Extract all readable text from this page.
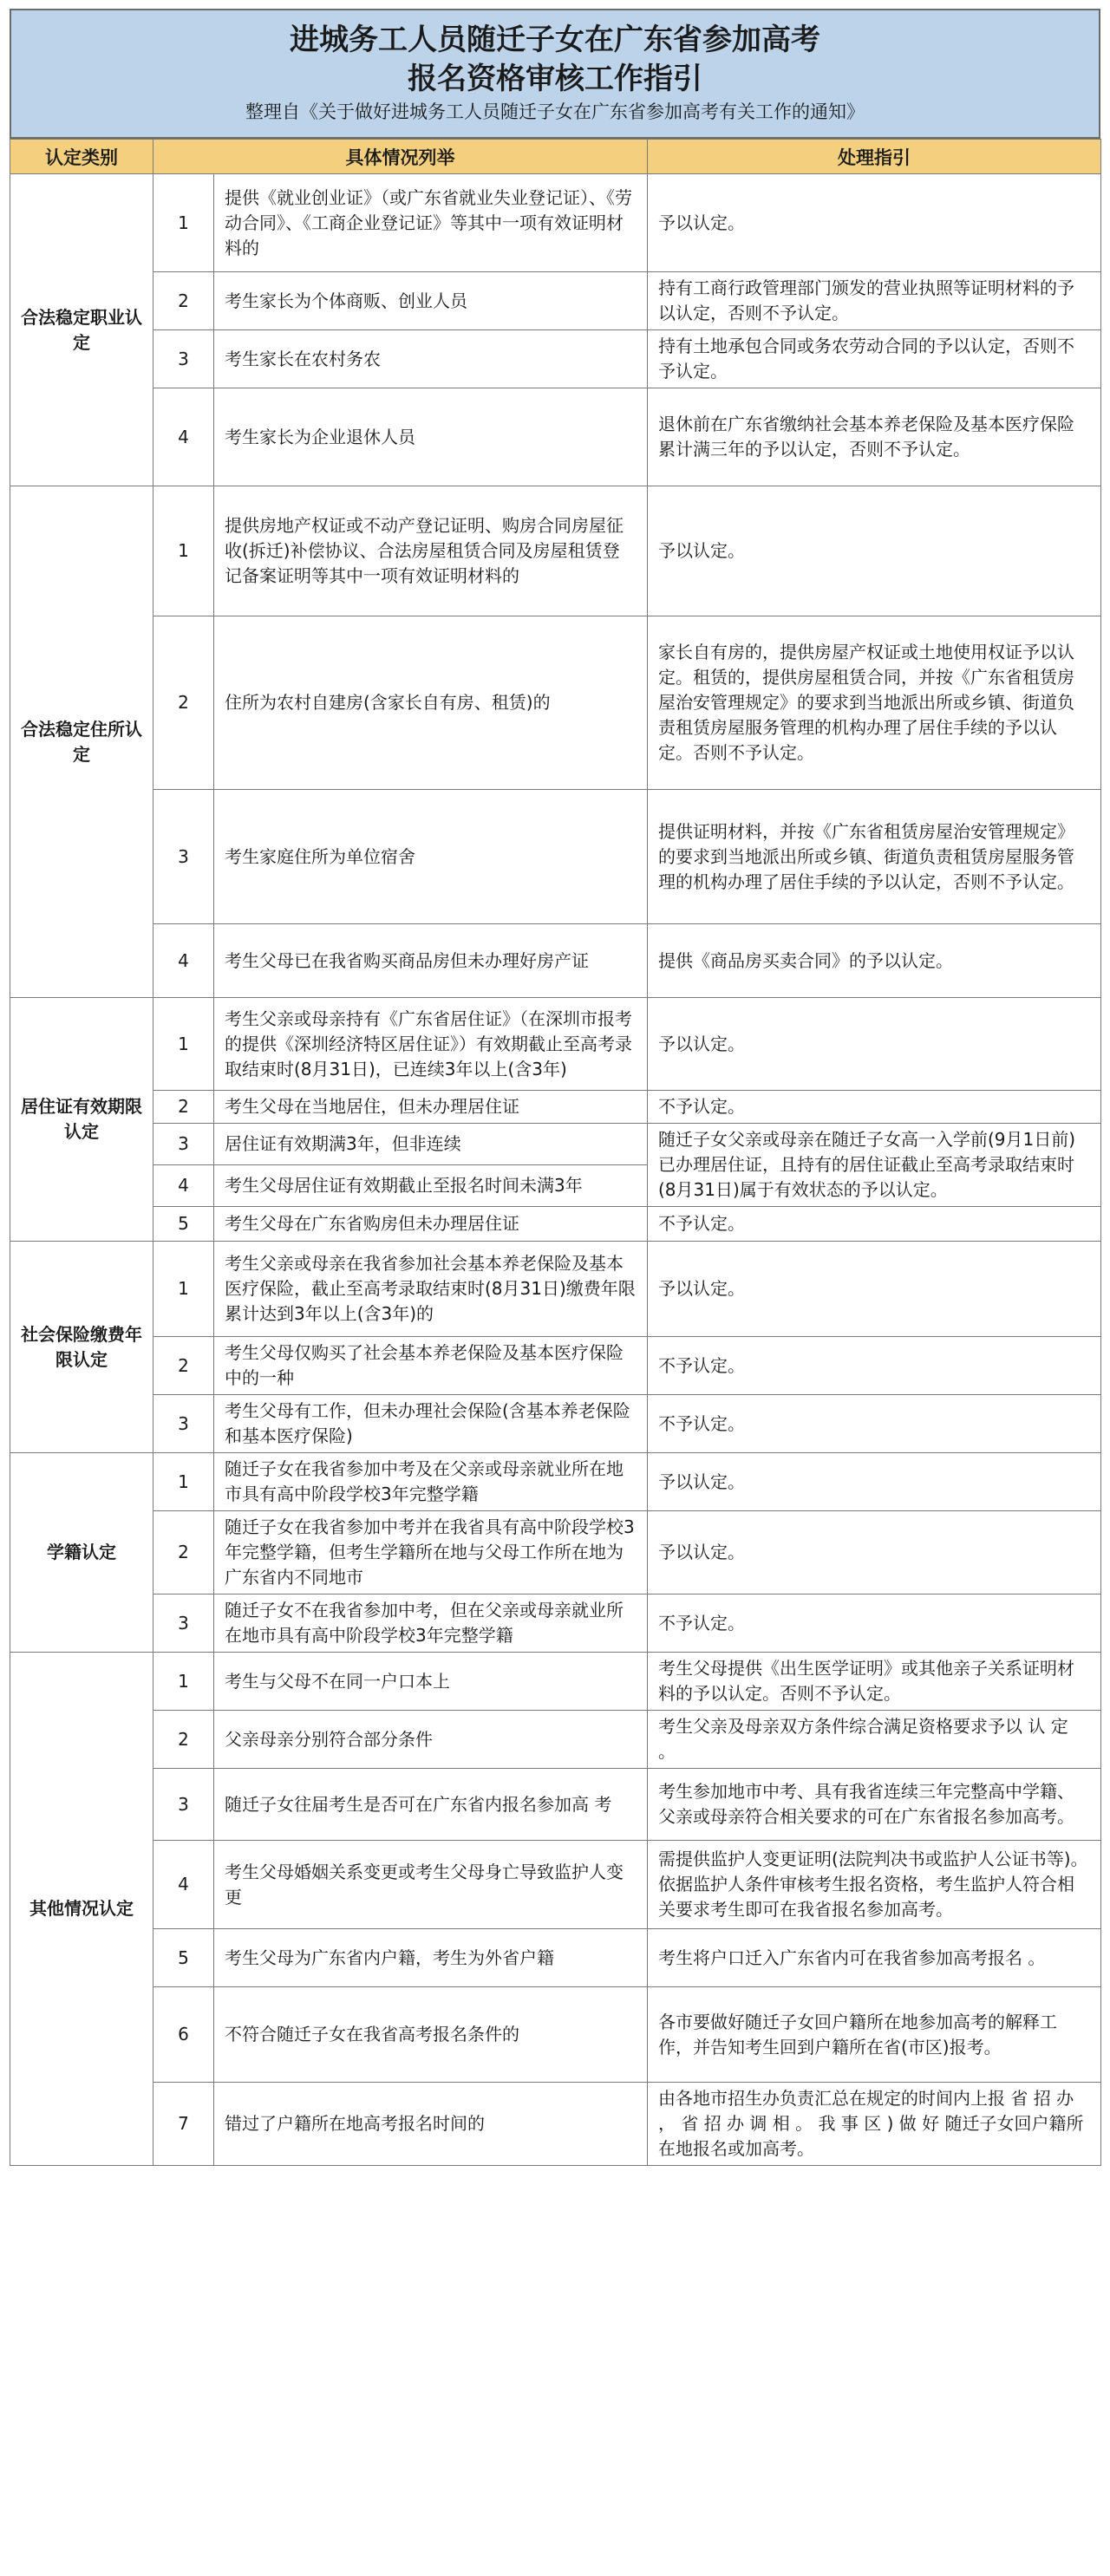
进城务工人员随迁子女在广东省参加高考
报名资格审核工作指引
整理自《关于做好进城务工人员随迁子女在广东省参加高考有关工作的通知》
认定类别	具体情况列举		处理指引
合法稳定职业认定	1	提供《就业创业证》（或广东省就业失业登记证）、《劳动合同》、《工商企业登记证》等其中一项有效证明材料的	予以认定。
	2	考生家长为个体商贩、创业人员	持有工商行政管理部门颁发的营业执照等证明材料的予以认定，否则不予认定。
	3	考生家长在农村务农	持有土地承包合同或务农劳动合同的予以认定，否则不予认定。
	4	考生家长为企业退休人员	退休前在广东省缴纳社会基本养老保险及基本医疗保险累计满三年的予以认定，否则不予认定。
合法稳定住所认定	1	提供房地产权证或不动产登记证明、购房合同房屋征收(拆迁)补偿协议、合法房屋租赁合同及房屋租赁登记备案证明等其中一项有效证明材料的	予以认定。
	2	住所为农村自建房(含家长自有房、租赁)的	家长自有房的，提供房屋产权证或土地使用权证予以认定。租赁的，提供房屋租赁合同，并按《广东省租赁房屋治安管理规定》的要求到当地派出所或乡镇、街道负责租赁房屋服务管理的机构办理了居住手续的予以认定。否则不予认定。
	3	考生家庭住所为单位宿舍	提供证明材料，并按《广东省租赁房屋治安管理规定》的要求到当地派出所或乡镇、街道负责租赁房屋服务管理的机构办理了居住手续的予以认定，否则不予认定。
	4	考生父母已在我省购买商品房但未办理好房产证	提供《商品房买卖合同》的予以认定。
居住证有效期限认定	1	考生父亲或母亲持有《广东省居住证》（在深圳市报考的提供《深圳经济特区居住证》）有效期截止至高考录取结束时(8月31日)，已连续3年以上(含3年)	予以认定。
	2	考生父母在当地居住，但未办理居住证	不予认定。
	3	居住证有效期满3年，但非连续	随迁子女父亲或母亲在随迁子女高一入学前(9月1日前)已办理居住证，且持有的居住证截止至高考录取结束时(8月31日)属于有效状态的予以认定。
	4	考生父母居住证有效期截止至报名时间未满3年	
	5	考生父母在广东省购房但未办理居住证	不予认定。
社会保险缴费年限认定	1	考生父亲或母亲在我省参加社会基本养老保险及基本医疗保险，截止至高考录取结束时(8月31日)缴费年限累计达到3年以上(含3年)的	予以认定。
	2	考生父母仅购买了社会基本养老保险及基本医疗保险中的一种	不予认定。
	3	考生父母有工作，但未办理社会保险(含基本养老保险和基本医疗保险)	不予认定。
学籍认定	1	随迁子女在我省参加中考及在父亲或母亲就业所在地市具有高中阶段学校3年完整学籍	予以认定。
	2	随迁子女在我省参加中考并在我省具有高中阶段学校3年完整学籍，但考生学籍所在地与父母工作所在地为广东省内不同地市	予以认定。
	3	随迁子女不在我省参加中考，但在父亲或母亲就业所在地市具有高中阶段学校3年完整学籍	不予认定。
其他情况认定	1	考生与父母不在同一户口本上	考生父母提供《出生医学证明》或其他亲子关系证明材料的予以认定。否则不予认定。
	2	父亲母亲分别符合部分条件	考生父亲及母亲双方条件综合满足资格要求予以 认 定 。
	3	随迁子女往届考生是否可在广东省内报名参加高 考	考生参加地市中考、具有我省连续三年完整高中学籍、父亲或母亲符合相关要求的可在广东省报名参加高考。
	4	考生父母婚姻关系变更或考生父母身亡导致监护人变更	需提供监护人变更证明(法院判决书或监护人公证书等)。依据监护人条件审核考生报名资格，考生监护人符合相关要求考生即可在我省报名参加高考。
	5	考生父母为广东省内户籍，考生为外省户籍	考生将户口迁入广东省内可在我省参加高考报名 。
	6	不符合随迁子女在我省高考报名条件的	各市要做好随迁子女回户籍所在地参加高考的解释工作，并告知考生回到户籍所在省(市区)报考。
	7	错过了户籍所在地高考报名时间的	由各地市招生办负责汇总在规定的时间内上报 省 招 办 ， 省 招 办 调 相 。 我 事 区 ) 做 好 随迁子女回户籍所在地报名或加高考。
